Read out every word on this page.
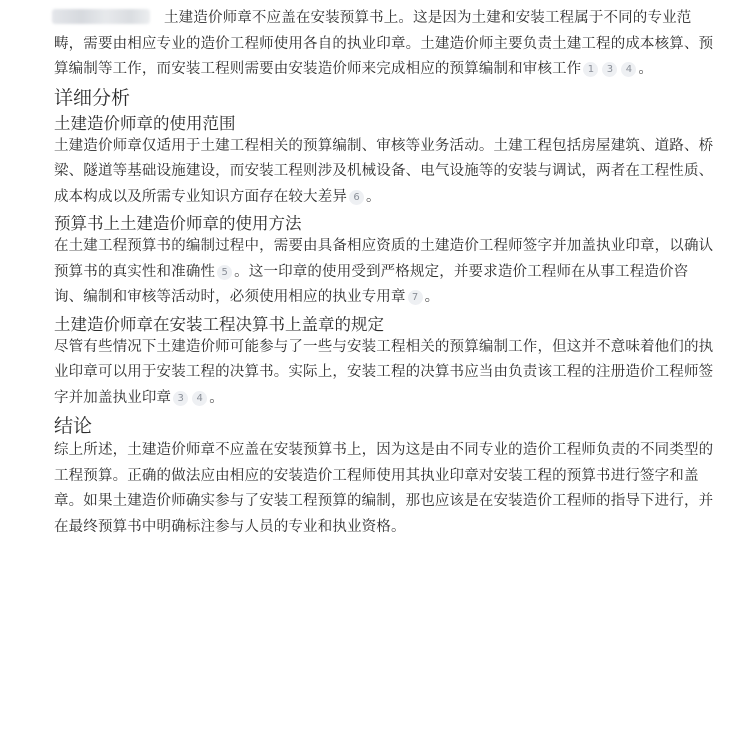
土建造价师章不应盖在安装预算书上。这是因为土建和安装工程属于不同的专业范畴，需要由相应专业的造价工程师使用各自的执业印章。土建造价师主要负责土建工程的成本核算、预算编制等工作，而安装工程则需要由安装造价师来完成相应的预算编制和审核工作 1 3 4 。

详细分析
土建造价师章的使用范围

土建造价师章仅适用于土建工程相关的预算编制、审核等业务活动。土建工程包括房屋建筑、道路、桥梁、隧道等基础设施建设，而安装工程则涉及机械设备、电气设施等的安装与调试，两者在工程性质、成本构成以及所需专业知识方面存在较大差异 6 。

预算书上土建造价师章的使用方法

在土建工程预算书的编制过程中，需要由具备相应资质的土建造价工程师签字并加盖执业印章，以确认预算书的真实性和准确性 5 。这一印章的使用受到严格规定，并要求造价工程师在从事工程造价咨询、编制和审核等活动时，必须使用相应的执业专用章 7 。

土建造价师章在安装工程决算书上盖章的规定

尽管有些情况下土建造价师可能参与了一些与安装工程相关的预算编制工作，但这并不意味着他们的执业印章可以用于安装工程的决算书。实际上，安装工程的决算书应当由负责该工程的注册造价工程师签字并加盖执业印章 3 4 。

结论

综上所述，土建造价师章不应盖在安装预算书上，因为这是由不同专业的造价工程师负责的不同类型的工程预算。正确的做法应由相应的安装造价工程师使用其执业印章对安装工程的预算书进行签字和盖章。如果土建造价师确实参与了安装工程预算的编制，那也应该是在安装造价工程师的指导下进行，并在最终预算书中明确标注参与人员的专业和执业资格。
